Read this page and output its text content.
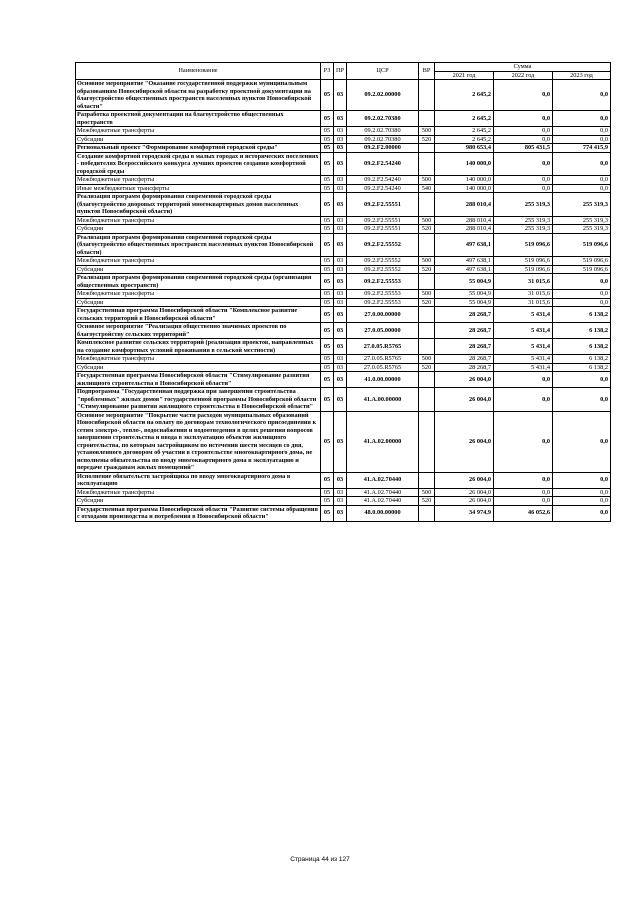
Наименование	РЗ	ПР	ЦСР	ВР	Сумма		
					2021 год	2022 год	2023 год
Основное мероприятие "Оказание государственной поддержки муниципальным образованиям Новосибирской области на разработку проектной документации на благоустройство общественных пространств населенных пунктов Новосибирской области"	05	03	09.2.02.00000		2 645,2	0,0	0,0
Разработка проектной документации на благоустройство общественных пространств	05	03	09.2.02.70380		2 645,2	0,0	0,0
Межбюджетные трансферты	05	03	09.2.02.70380	500	2 645,2	0,0	0,0
Субсидии	05	03	09.2.02.70380	520	2 645,2	0,0	0,0
Региональный проект "Формирование комфортной городской среды"	05	03	09.2.F2.00000		980 653,4	805 431,5	774 415,9
Создание комфортной городской среды в малых городах и исторических поселениях - победителях Всероссийского конкурса лучших проектов создания комфортной городской среды	05	03	09.2.F2.54240		140 000,0	0,0	0,0
Межбюджетные трансферты	05	03	09.2.F2.54240	500	140 000,0	0,0	0,0
Иные межбюджетные трансферты	05	03	09.2.F2.54240	540	140 000,0	0,0	0,0
Реализация программ формирования современной городской среды (благоустройство дворовых территорий многоквартирных домов населенных пунктов Новосибирской области)	05	03	09.2.F2.55551		288 010,4	255 319,3	255 319,3
Межбюджетные трансферты	05	03	09.2.F2.55551	500	288 010,4	255 319,3	255 319,3
Субсидии	05	03	09.2.F2.55551	520	288 010,4	255 319,3	255 319,3
Реализация программ формирования современной городской среды (благоустройство общественных пространств населенных пунктов Новосибирской области)	05	03	09.2.F2.55552		497 638,1	519 096,6	519 096,6
Межбюджетные трансферты	05	03	09.2.F2.55552	500	497 638,1	519 096,6	519 096,6
Субсидии	05	03	09.2.F2.55552	520	497 638,1	519 096,6	519 096,6
Реализация программ формирования современной городской среды (организация общественных пространств)	05	03	09.2.F2.55553		55 004,9	31 015,6	0,0
Межбюджетные трансферты	05	03	09.2.F2.55553	500	55 004,9	31 015,6	0,0
Субсидии	05	03	09.2.F2.55553	520	55 004,9	31 015,6	0,0
Государственная программа Новосибирской области "Комплексное развитие сельских территорий в Новосибирской области"	05	03	27.0.00.00000		28 268,7	5 431,4	6 138,2
Основное мероприятие "Реализация общественно значимых проектов по благоустройству сельских территорий"	05	03	27.0.05.00000		28 268,7	5 431,4	6 138,2
Комплексное развитие сельских территорий (реализация проектов, направленных на создание комфортных условий проживания в сельской местности)	05	03	27.0.05.R5765		28 268,7	5 431,4	6 138,2
Межбюджетные трансферты	05	03	27.0.05.R5765	500	28 268,7	5 431,4	6 138,2
Субсидии	05	03	27.0.05.R5765	520	28 268,7	5 431,4	6 138,2
Государственная программа Новосибирской области "Стимулирование развития жилищного строительства в Новосибирской области"	05	03	41.0.00.00000		26 004,0	0,0	0,0
Подпрограмма "Государственная поддержка при завершении строительства "проблемных" жилых домов" государственной программы Новосибирской области "Стимулирование развития жилищного строительства в Новосибирской области"	05	03	41.А.00.00000		26 004,0	0,0	0,0
Основное мероприятие "Покрытие части расходов муниципальных образований Новосибирской области на оплату по договорам технологического присоединения к сетям электро-, тепло-, водоснабжения и водоотведения в целях решения вопросов завершения строительства и ввода в эксплуатацию объектов жилищного строительства, по которым застройщиком по истечении шести месяцев со дня, установленного договором об участии в строительстве многоквартирного дома, не исполнены обязательства по вводу многоквартирного дома в эксплуатацию и передаче гражданам жилых помещений"	05	03	41.А.02.00000		26 004,0	0,0	0,0
Исполнение обязательств застройщика по вводу многоквартирного дома в эксплуатацию	05	03	41.А.02.70440		26 004,0	0,0	0,0
Межбюджетные трансферты	05	03	41.А.02.70440	500	26 004,0	0,0	0,0
Субсидии	05	03	41.А.02.70440	520	26 004,0	0,0	0,0
Государственная программа Новосибирской области "Развитие системы обращения с отходами производства и потребления в Новосибирской области"	05	03	48.0.00.00000		34 974,9	46 052,6	0,0
Страница 44 из 127
